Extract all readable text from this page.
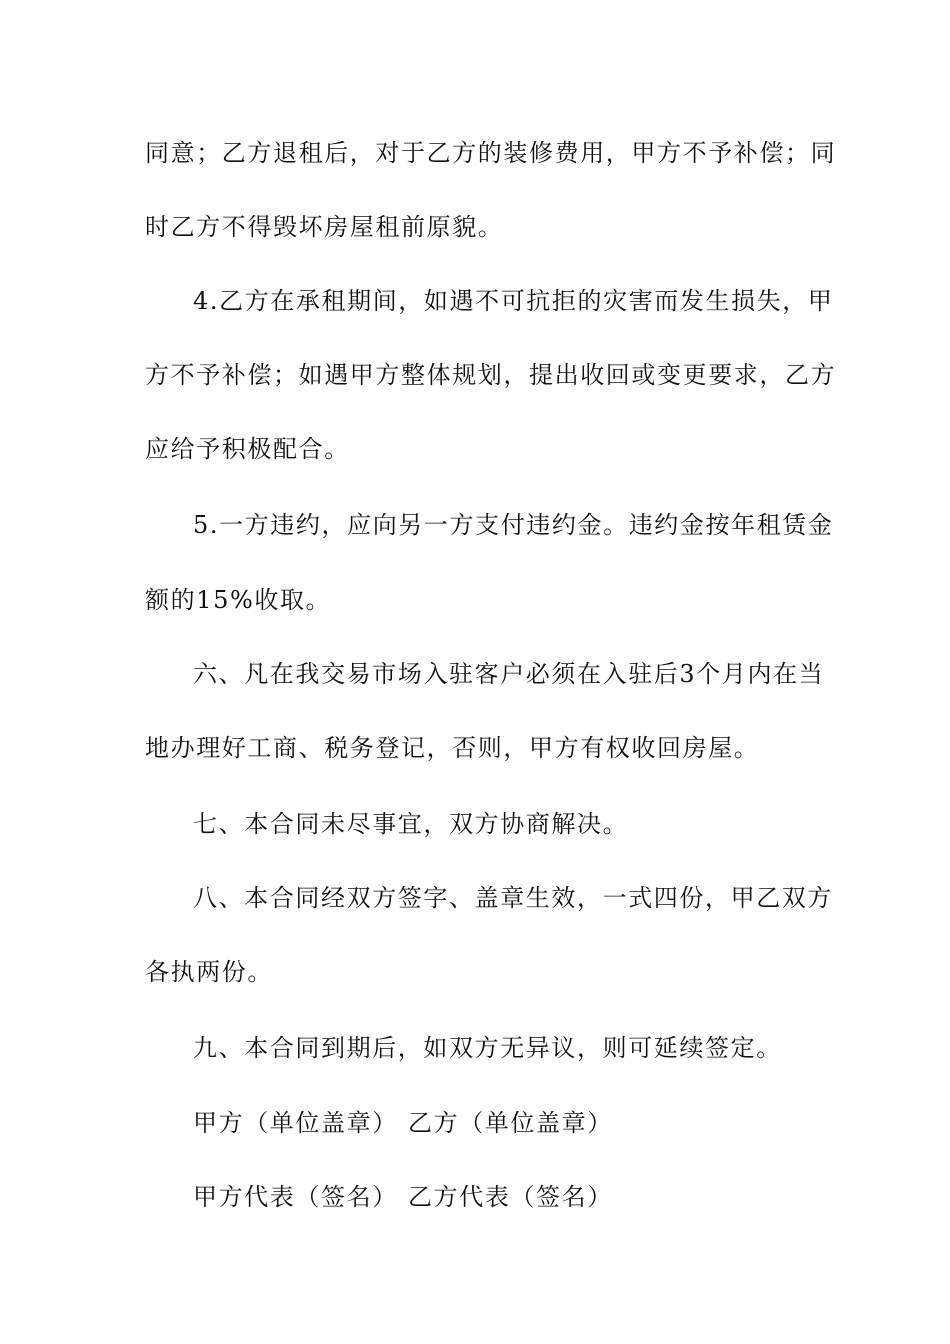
同意；乙方退租后，对于乙方的装修费用，甲方不予补偿；同
时乙方不得毁坏房屋租前原貌。
4.乙方在承租期间，如遇不可抗拒的灾害而发生损失，甲
方不予补偿；如遇甲方整体规划，提出收回或变更要求，乙方
应给予积极配合。
5.一方违约，应向另一方支付违约金。违约金按年租赁金
额的15%收取。
六、凡在我交易市场入驻客户必须在入驻后3个月内在当
地办理好工商、税务登记，否则，甲方有权收回房屋。
七、本合同未尽事宜，双方协商解决。
八、本合同经双方签字、盖章生效，一式四份，甲乙双方
各执两份。
九、本合同到期后，如双方无异议，则可延续签定。
甲方（单位盖章） 乙方（单位盖章）
甲方代表（签名） 乙方代表（签名）
